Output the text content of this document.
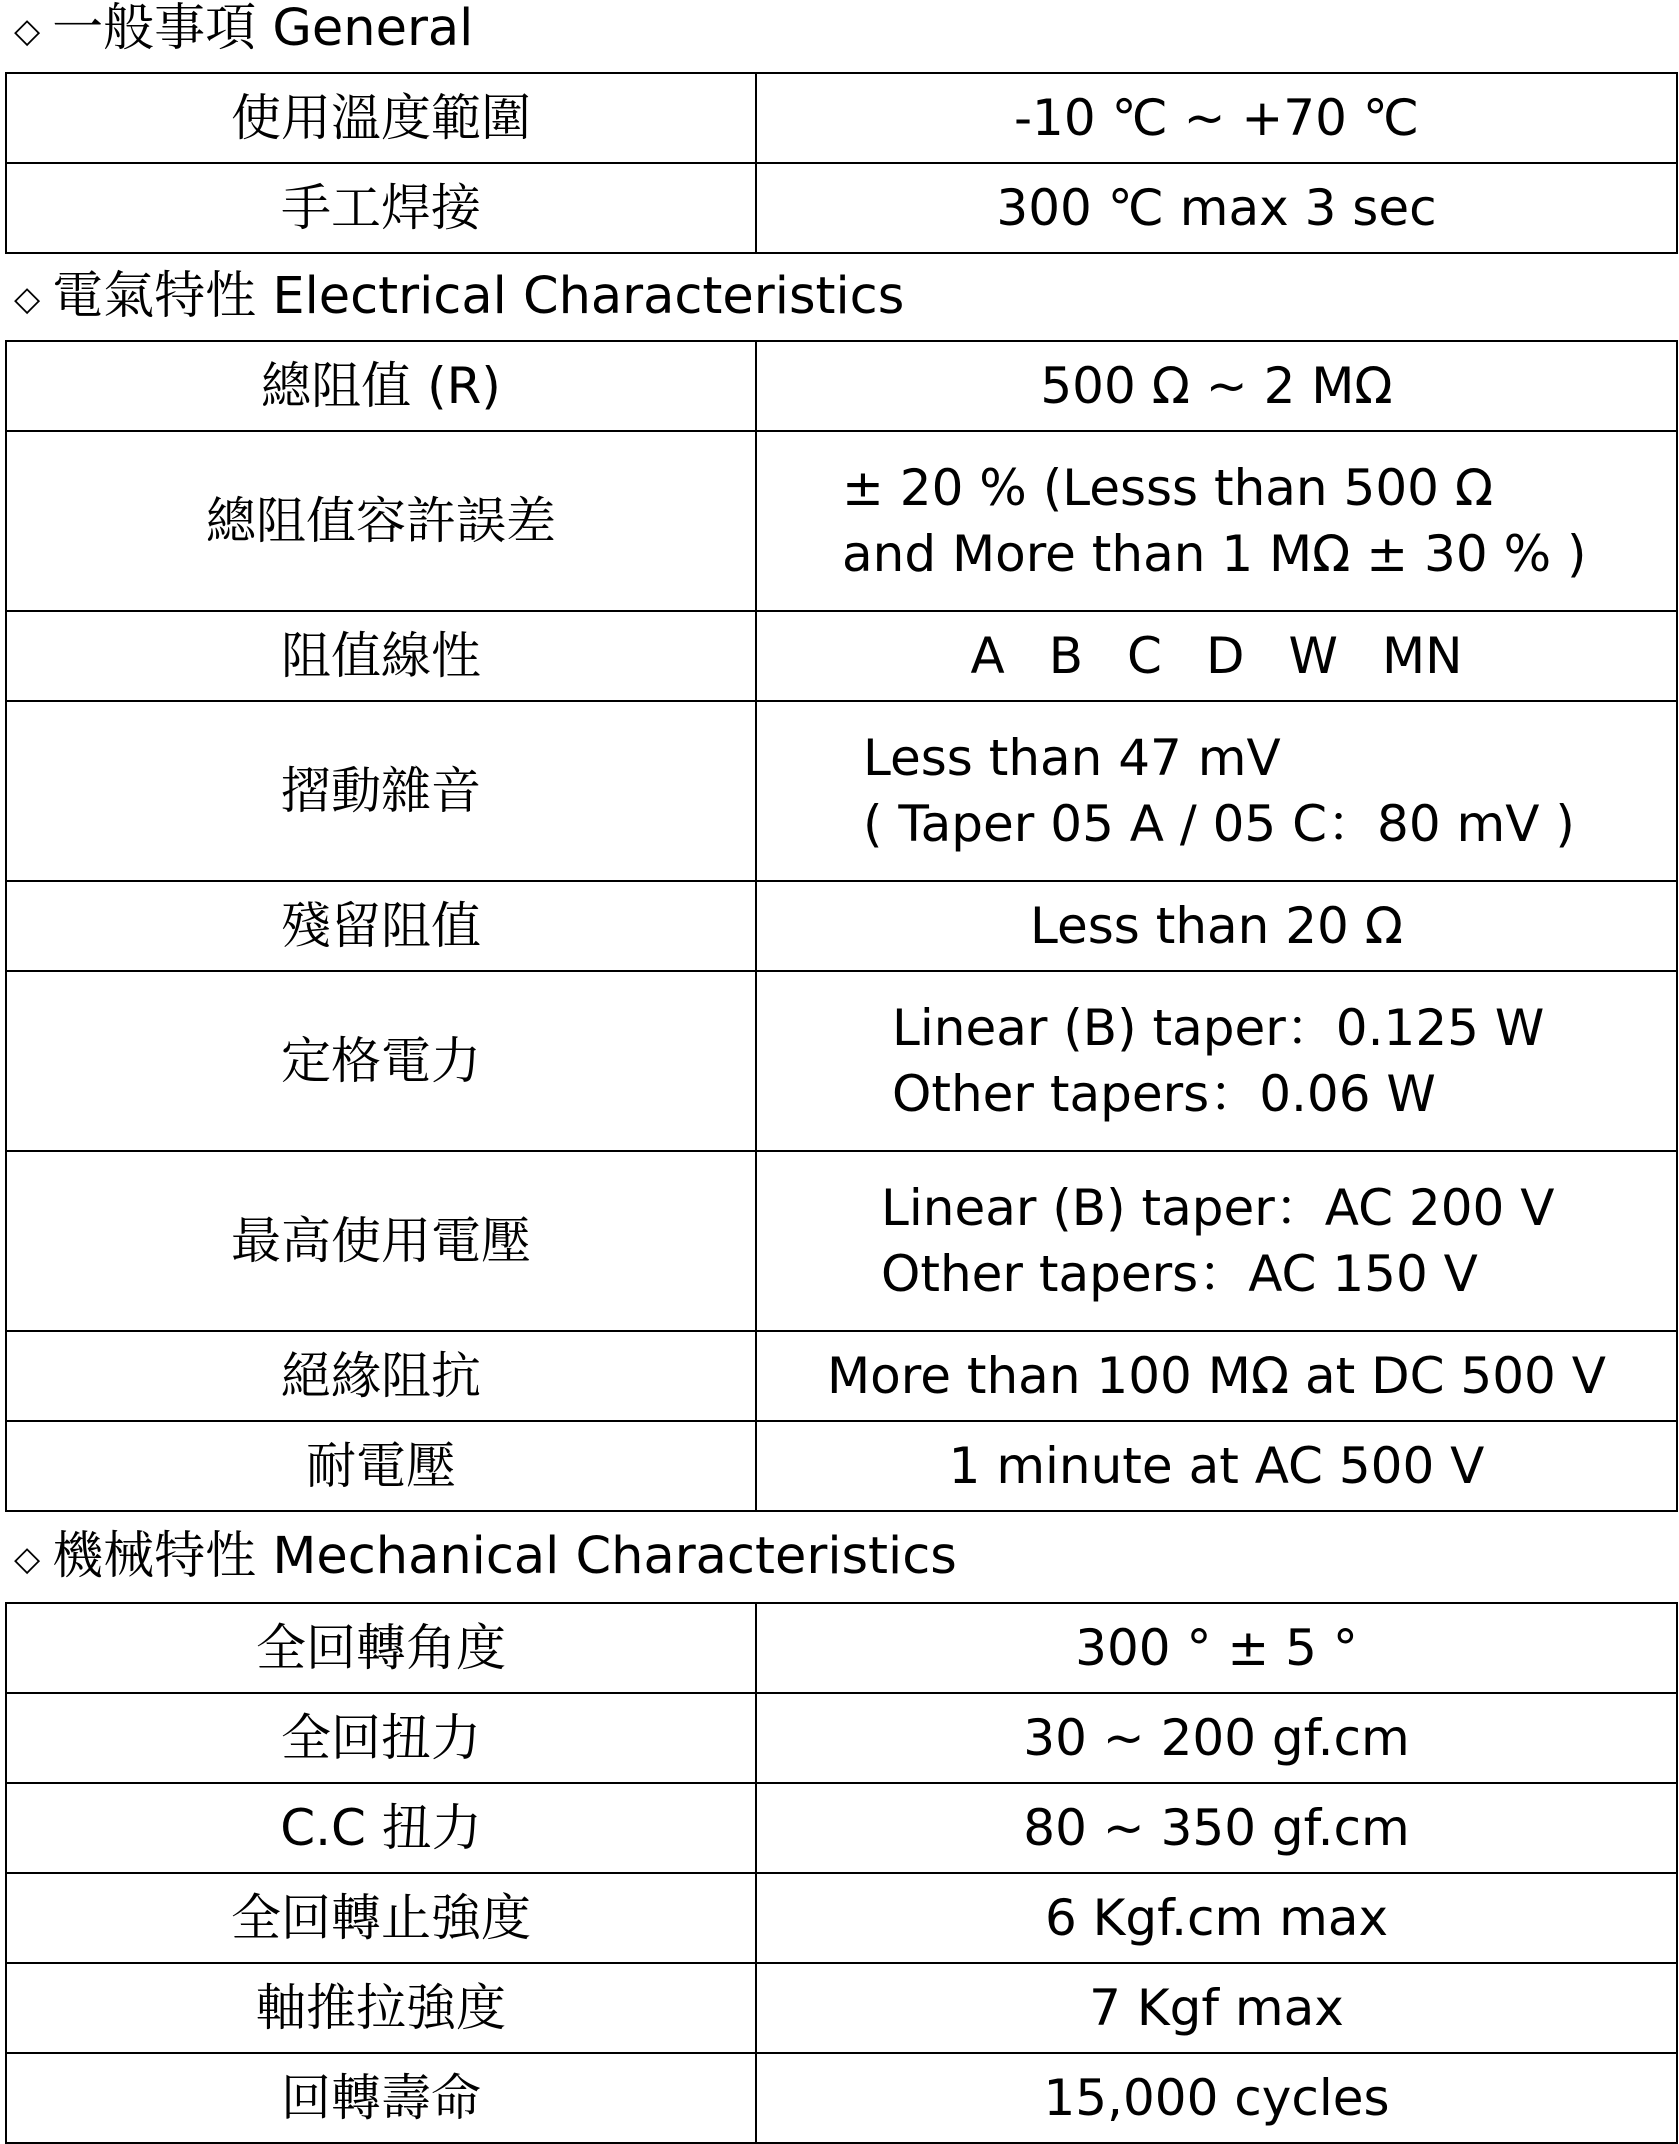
◇ 一般事項 General
使用溫度範圍	-10 ℃ ~ +70 ℃
手工焊接	300 ℃ max 3 sec
◇ 電氣特性 Electrical Characteristics
總阻值 (R)	500 Ω ~ 2 MΩ
總阻值容許誤差	± 20 % (Lesss than 500 Ω
and More than 1 MΩ ± 30 % )

阻值線性	A B C D W MN
摺動雜音	Less than 47 mV
( Taper 05 A / 05 C：80 mV )

殘留阻值	Less than 20 Ω
定格電力	Linear (B) taper：0.125 W
Other tapers：0.06 W

最高使用電壓	Linear (B) taper：AC 200 V
Other tapers：AC 150 V

絕緣阻抗	More than 100 MΩ at DC 500 V
耐電壓	1 minute at AC 500 V
◇ 機械特性 Mechanical Characteristics
全回轉角度	300 ° ± 5 °
全回扭力	30 ~ 200 gf.cm
C.C 扭力	80 ~ 350 gf.cm
全回轉止強度	6 Kgf.cm max
軸推拉強度	7 Kgf max
回轉壽命	15,000 cycles
